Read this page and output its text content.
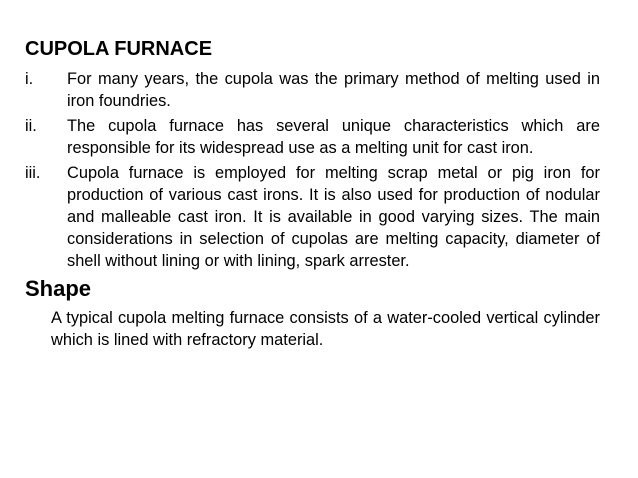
CUPOLA FURNACE
i.	For many years, the cupola was the primary method of melting used in iron foundries.
ii.	The cupola furnace has several unique characteristics which are responsible for its widespread use as a melting unit for cast iron.
iii.	Cupola furnace is employed for melting scrap metal or pig iron for production of various cast irons. It is also used for production of nodular and malleable cast iron. It is available in good varying sizes. The main considerations in selection of cupolas are melting capacity, diameter of shell without lining or with lining, spark arrester.
Shape

A typical cupola melting furnace consists of a water-cooled vertical cylinder which is lined with refractory material.
